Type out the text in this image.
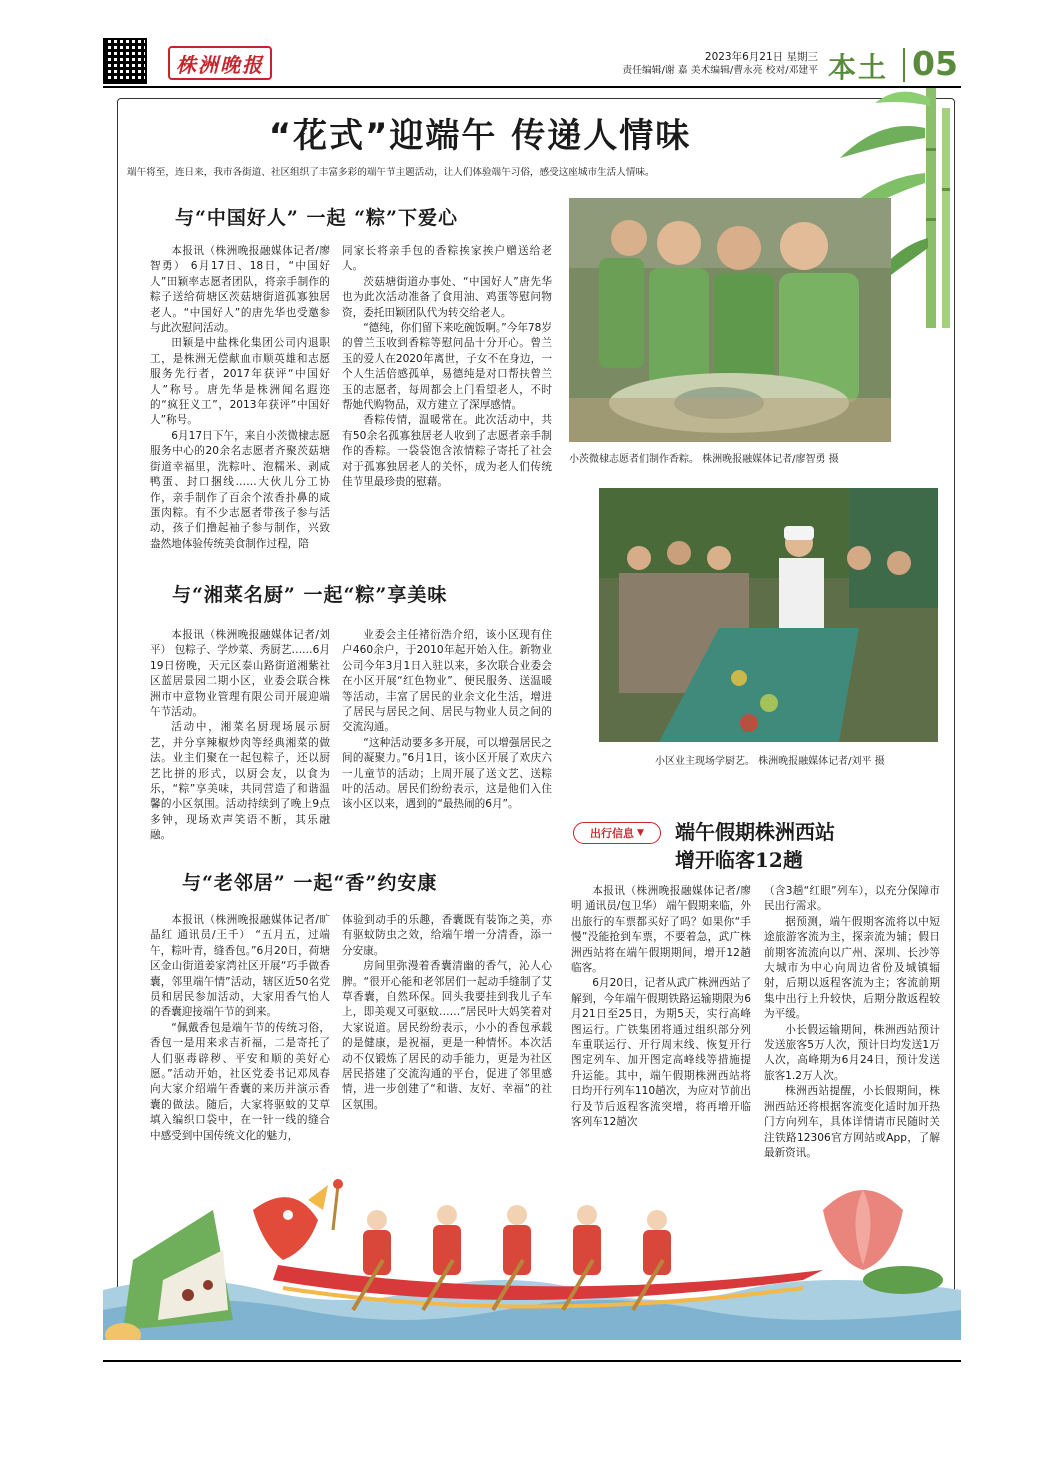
株洲晚报	2023年6月21日 星期三
责任编辑/谢 嘉 美术编辑/曹永亮 校对/邓建平 本土 05
“花式”迎端午 传递人情味
端午将至，连日来，我市各街道、社区组织了丰富多彩的端午节主题活动，让人们体验端午习俗，感受这座城市生活人情味。
与“中国好人” 一起 “粽”下爱心

本报讯（株洲晚报融媒体记者/廖智勇） 6月17日、18日，“中国好人”田颖率志愿者团队，将亲手制作的粽子送给荷塘区茨菇塘街道孤寡独居老人。“中国好人”的唐先华也受邀参与此次慰问活动。

田颖是中盐株化集团公司内退职工，是株洲无偿献血市顺英雄和志愿服务先行者，2017年获评“中国好人”称号。唐先华是株洲闻名遐迩的“疯狂义工”，2013年获评“中国好人”称号。

6月17日下午，来自小茨微棣志愿服务中心的20余名志愿者齐聚茨菇塘街道幸福里，洗粽叶、泡糯米、剥咸鸭蛋、封口捆线……大伙儿分工协作，亲手制作了百余个浓香扑鼻的咸蛋肉粽。有不少志愿者带孩子参与活动，孩子们撸起袖子参与制作，兴致盎然地体验传统美食制作过程，陪

同家长将亲手包的香粽挨家挨户赠送给老人。

茨菇塘街道办事处、“中国好人”唐先华也为此次活动准备了食用油、鸡蛋等慰问物资，委托田颖团队代为转交给老人。

“德纯，你们留下来吃碗饭啊。”今年78岁的曾兰玉收到香粽等慰问品十分开心。曾兰玉的爱人在2020年离世，子女不在身边，一个人生活倍感孤单，易德纯是对口帮扶曾兰玉的志愿者，每周都会上门看望老人，不时帮她代购物品，双方建立了深厚感情。

香粽传情，温暖常在。此次活动中，共有50余名孤寡独居老人收到了志愿者亲手制作的香粽。一袋袋饱含浓情粽子寄托了社会对于孤寡独居老人的关怀，成为老人们传统佳节里最珍贵的慰藉。

小茨微棣志愿者们制作香粽。 株洲晚报融媒体记者/廖智勇 摄
与“湘菜名厨” 一起“粽”享美味

本报讯（株洲晚报融媒体记者/刘平） 包粽子、学炒菜、秀厨艺……6月19日傍晚，天元区泰山路街道湘紫社区蓝居景园二期小区，业委会联合株洲市中意物业管理有限公司开展迎端午节活动。

活动中，湘菜名厨现场展示厨艺，并分享辣椒炒肉等经典湘菜的做法。业主们聚在一起包粽子，还以厨艺比拼的形式，以厨会友，以食为乐，“粽”享美味，共同营造了和谐温馨的小区氛围。活动持续到了晚上9点多钟，现场欢声笑语不断，其乐融融。

业委会主任褚衍浩介绍，该小区现有住户460余户，于2010年起开始入住。新物业公司今年3月1日入驻以来，多次联合业委会在小区开展“红色物业”、便民服务、送温暖等活动，丰富了居民的业余文化生活，增进了居民与居民之间、居民与物业人员之间的交流沟通。

“这种活动要多多开展，可以增强居民之间的凝聚力。”6月1日，该小区开展了欢庆六一儿童节的活动；上周开展了送文艺、送粽叶的活动。居民们纷纷表示，这是他们入住该小区以来，遇到的“最热闹的6月”。

小区业主现场学厨艺。 株洲晚报融媒体记者/刘平 摄
与“老邻居” 一起“香”约安康

本报讯（株洲晚报融媒体记者/旷晶红 通讯员/王千） “五月五，过端午，粽叶青，缝香包。”6月20日，荷塘区金山街道姜家湾社区开展“巧手做香囊，邻里端午情”活动，辖区近50名党员和居民参加活动，大家用香气怡人的香囊迎接端午节的到来。

“佩戴香包是端午节的传统习俗，香包一是用来求吉祈福，二是寄托了人们驱毒辟秽、平安和顺的美好心愿。”活动开始，社区党委书记邓凤春向大家介绍端午香囊的来历并演示香囊的做法。随后，大家将驱蚊的艾草填入编织口袋中，在一针一线的缝合中感受到中国传统文化的魅力，

体验到动手的乐趣，香囊既有装饰之美，亦有驱蚊防虫之效，给端午增一分清香，添一分安康。

房间里弥漫着香囊清幽的香气，沁人心脾。“很开心能和老邻居们一起动手缝制了艾草香囊，自然环保。回头我要挂到我儿子车上，即美观又可驱蚊……”居民叶大妈笑着对大家说道。居民纷纷表示，小小的香包承载的是健康，是祝福，更是一种情怀。本次活动不仅锻炼了居民的动手能力，更是为社区居民搭建了交流沟通的平台，促进了邻里感情，进一步创建了“和谐、友好、幸福”的社区氛围。

出行信息 ▼ 端午假期株洲西站
增开临客12趟

本报讯（株洲晚报融媒体记者/廖明 通讯员/包卫华） 端午假期来临，外出旅行的车票都买好了吗？如果你“手慢”没能抢到车票，不要着急，武广株洲西站将在端午假期期间，增开12趟临客。

6月20日，记者从武广株洲西站了解到，今年端午假期铁路运输期限为6月21日至25日，为期5天，实行高峰图运行。广铁集团将通过组织部分列车重联运行、开行周末线、恢复开行图定列车、加开图定高峰线等措施提升运能。其中，端午假期株洲西站将日均开行列车110趟次，为应对节前出行及节后返程客流突增，将再增开临客列车12趟次

（含3趟“红眼”列车），以充分保障市民出行需求。

据预测，端午假期客流将以中短途旅游客流为主，探亲流为辅；假日前期客流流向以广州、深圳、长沙等大城市为中心向周边省份及城镇辐射，后期以返程客流为主；客流前期集中出行上升较快，后期分散返程较为平缓。

小长假运输期间，株洲西站预计发送旅客5万人次，预计日均发送1万人次，高峰期为6月24日，预计发送旅客1.2万人次。

株洲西站提醒，小长假期间，株洲西站还将根据客流变化适时加开热门方向列车，具体详情请市民随时关注铁路12306官方网站或App，了解最新资讯。
